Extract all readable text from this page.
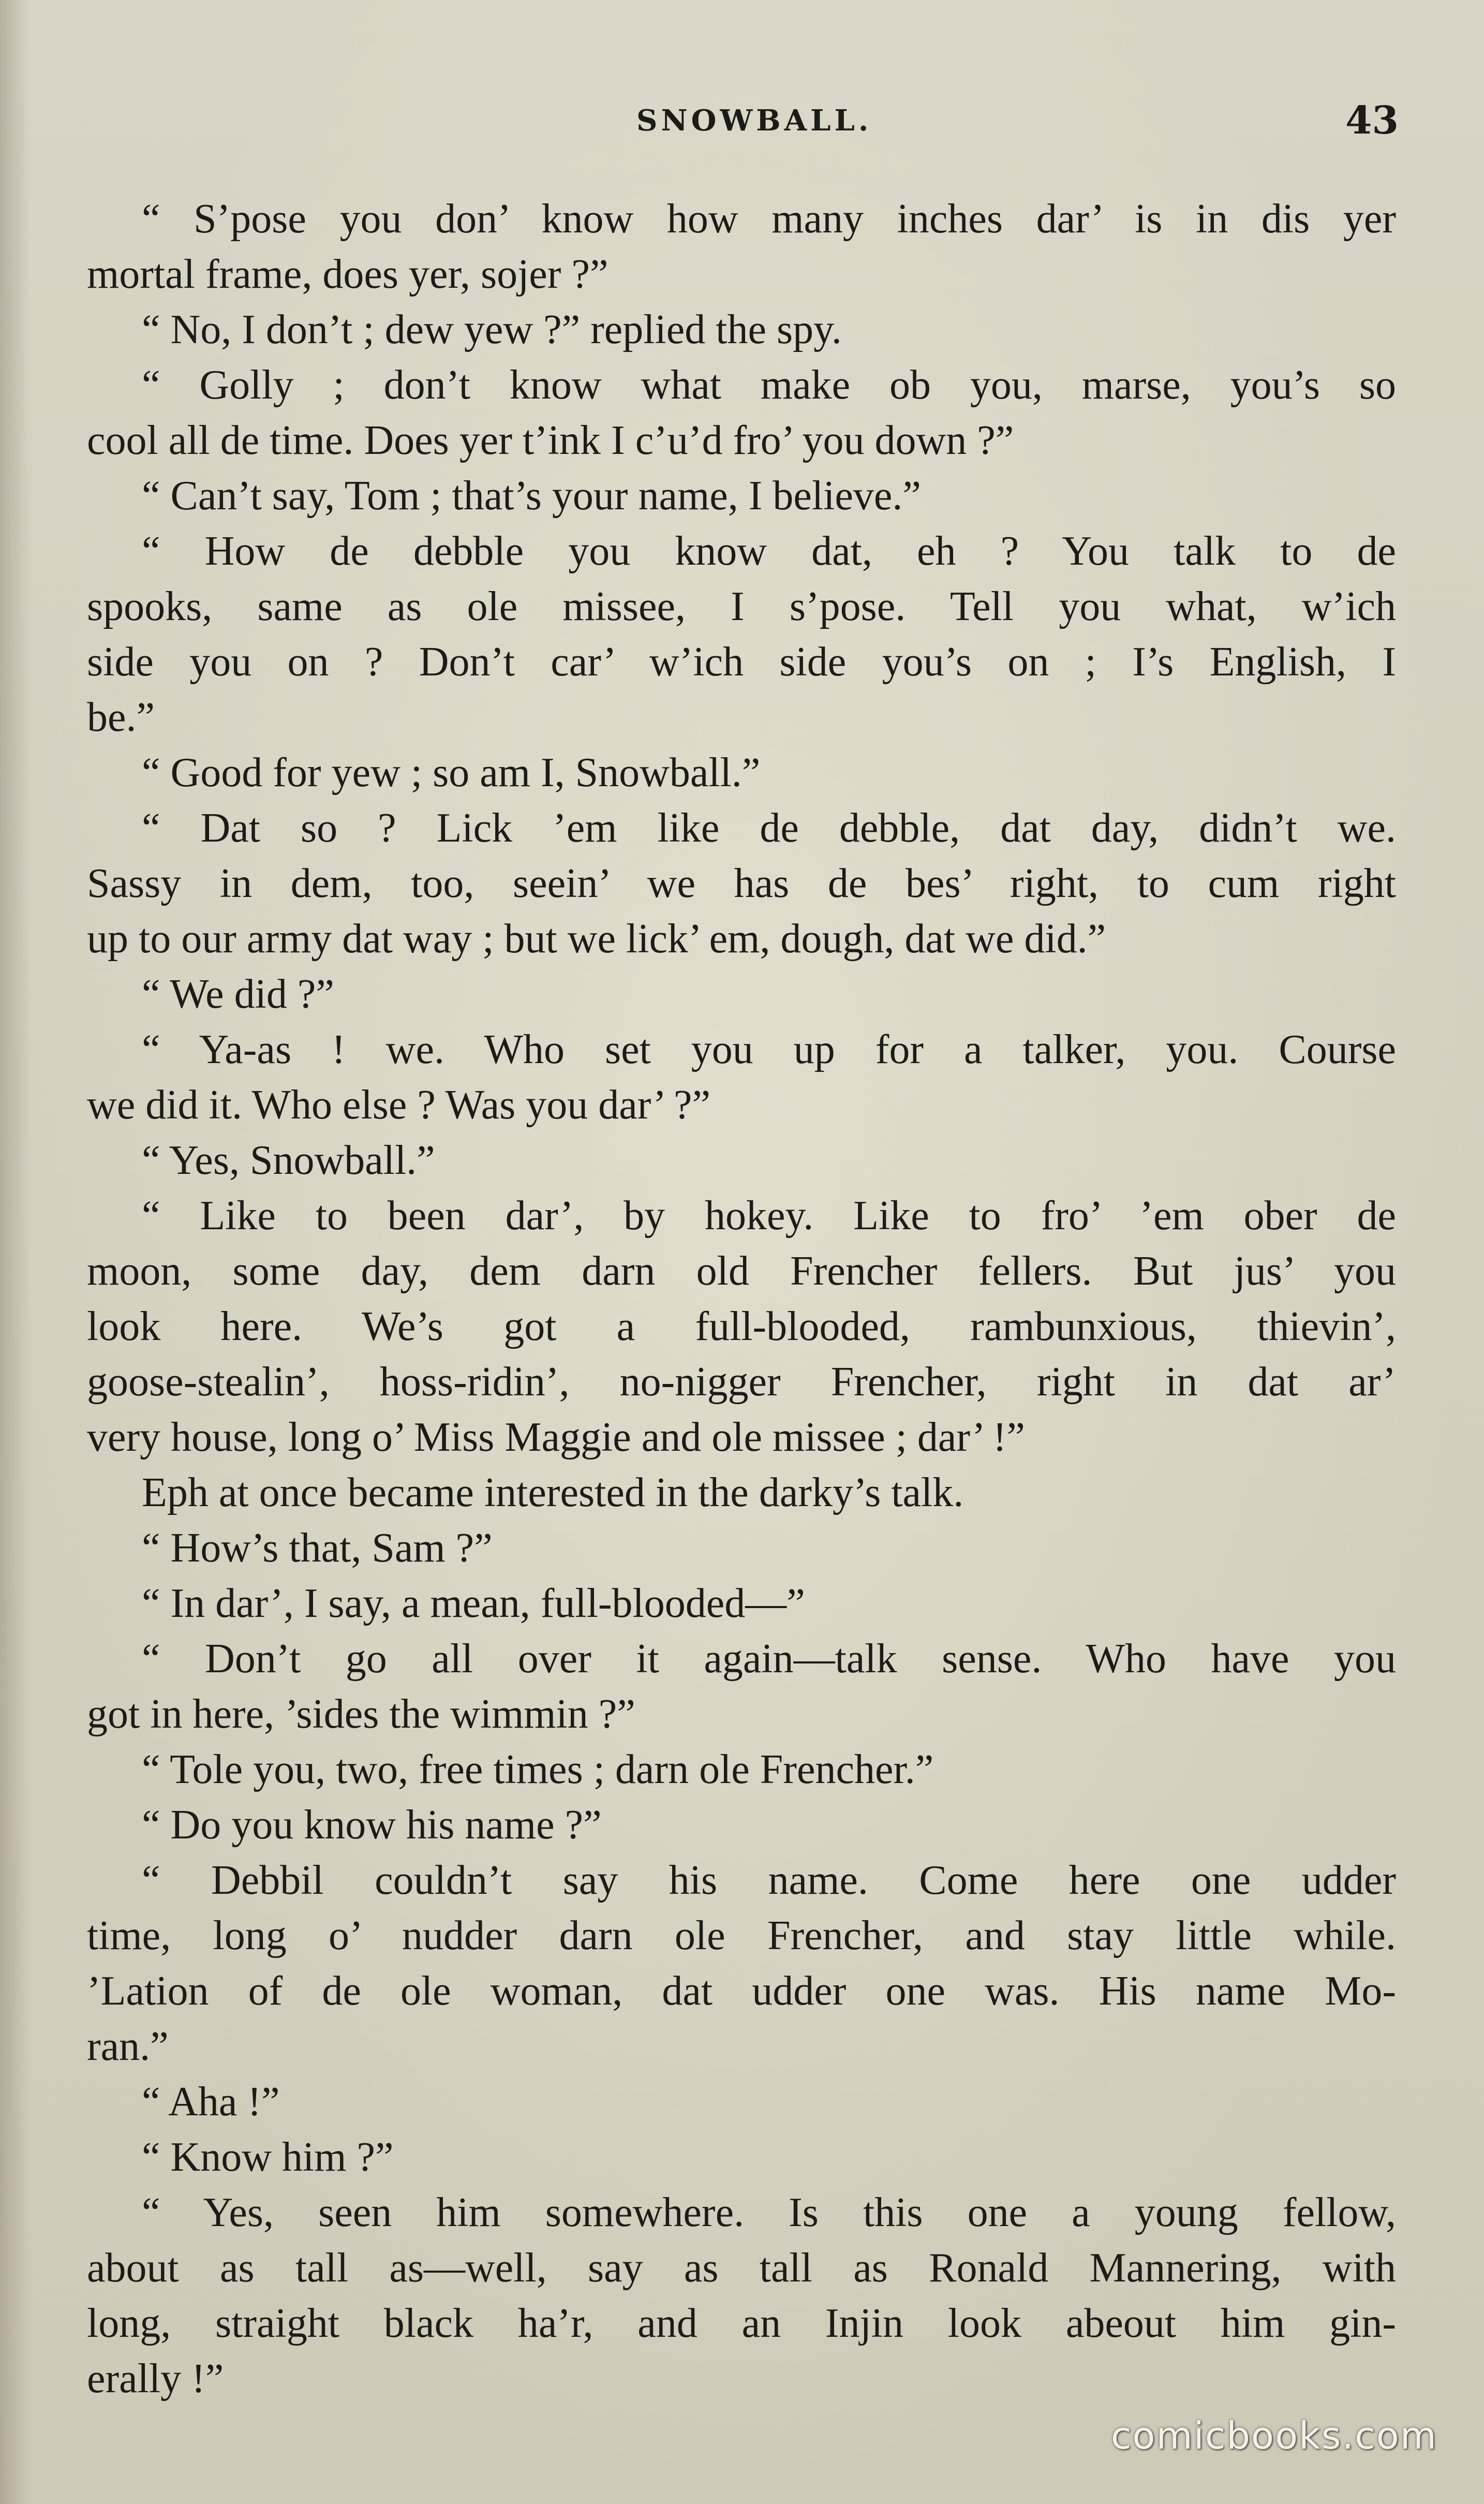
SNOWBALL.	43
“ S’pose you don’ know how many inches dar’ is in dis yer
mortal frame, does yer, sojer ?”
“ No, I don’t ; dew yew ?” replied the spy.
“ Golly ; don’t know what make ob you, marse, you’s so
cool all de time. Does yer t’ink I c’u’d fro’ you down ?”
“ Can’t say, Tom ; that’s your name, I believe.”
“ How de debble you know dat, eh ? You talk to de
spooks, same as ole missee, I s’pose. Tell you what, w’ich
side you on ? Don’t car’ w’ich side you’s on ; I’s English, I
be.”
“ Good for yew ; so am I, Snowball.”
“ Dat so ? Lick ’em like de debble, dat day, didn’t we.
Sassy in dem, too, seein’ we has de bes’ right, to cum right
up to our army dat way ; but we lick’ em, dough, dat we did.”
“ We did ?”
“ Ya-as ! we. Who set you up for a talker, you. Course
we did it. Who else ? Was you dar’ ?”
“ Yes, Snowball.”
“ Like to been dar’, by hokey. Like to fro’ ’em ober de
moon, some day, dem darn old Frencher fellers. But jus’ you
look here. We’s got a full-blooded, rambunxious, thievin’,
goose-stealin’, hoss-ridin’, no-nigger Frencher, right in dat ar’
very house, long o’ Miss Maggie and ole missee ; dar’ !”
Eph at once became interested in the darky’s talk.
“ How’s that, Sam ?”
“ In dar’, I say, a mean, full-blooded—”
“ Don’t go all over it again—talk sense. Who have you
got in here, ’sides the wimmin ?”
“ Tole you, two, free times ; darn ole Frencher.”
“ Do you know his name ?”
“ Debbil couldn’t say his name. Come here one udder
time, long o’ nudder darn ole Frencher, and stay little while.
’Lation of de ole woman, dat udder one was. His name Mo-
ran.”
“ Aha !”
“ Know him ?”
“ Yes, seen him somewhere. Is this one a young fellow,
about as tall as—well, say as tall as Ronald Mannering, with
long, straight black ha’r, and an Injin look abeout him gin-
erally !”
comicbooks.com
